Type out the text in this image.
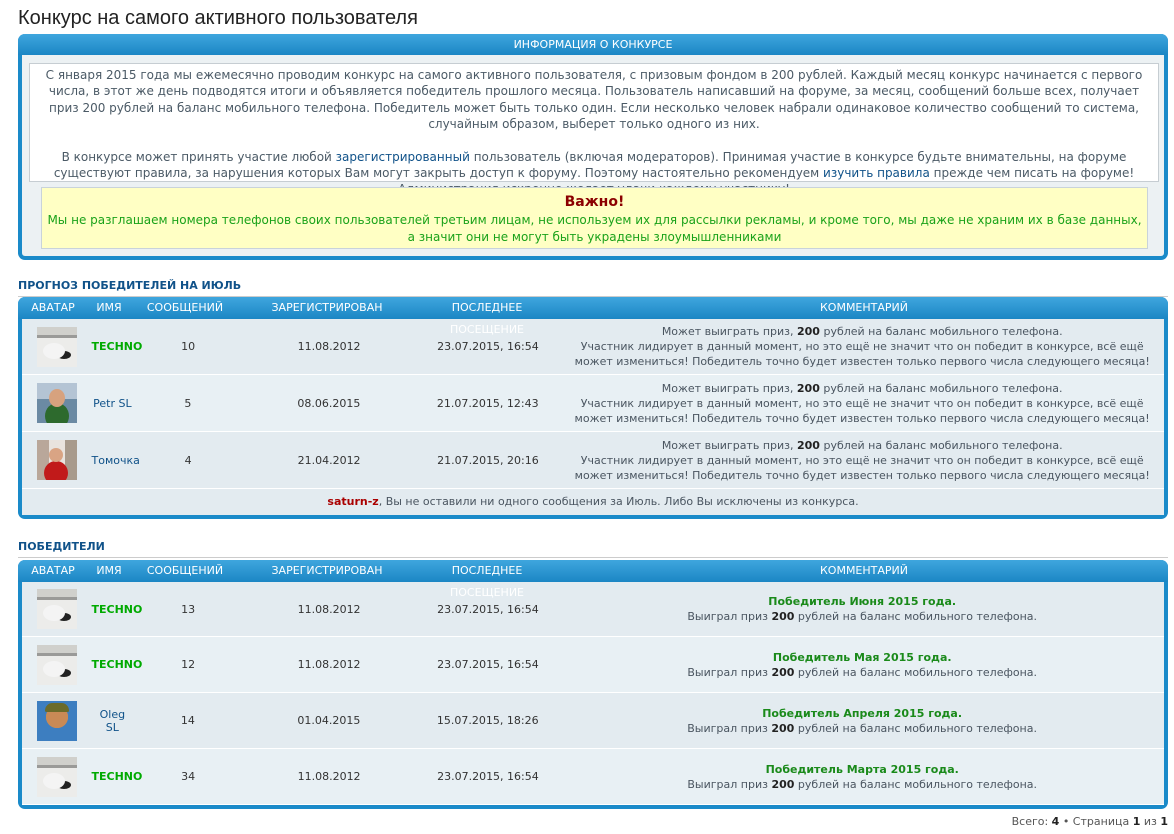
Конкурс на самого активного пользователя
ИНФОРМАЦИЯ О КОНКУРСЕ

С января 2015 года мы ежемесячно проводим конкурс на самого активного пользователя, с призовым фондом в 200 рублей. Каждый месяц конкурс начинается с первого числа, в этот же день подводятся итоги и объявляется победитель прошлого месяца. Пользователь написавший на форуме, за месяц, сообщений больше всех, получает приз 200 рублей на баланс мобильного телефона. Победитель может быть только один. Если несколько человек набрали одинаковое количество сообщений то система, случайным образом, выберет только одного из них.

В конкурсе может принять участие любой зарегистрированный пользователь (включая модераторов). Принимая участие в конкурсе будьте внимательны, на форуме существуют правила, за нарушения которых Вам могут закрыть доступ к форуму. Поэтому настоятельно рекомендуем изучить правила прежде чем писать на форуме!

Важно!
Мы не разглашаем номера телефонов своих пользователей третьим лицам, не используем их для рассылки рекламы, и кроме того, мы даже не храним их в базе данных, а значит они не могут быть украдены злоумышленниками
ПРОГНОЗ ПОБЕДИТЕЛЕЙ НА ИЮЛЬ
АВАТАР	ИМЯ	СООБЩЕНИЙ	ЗАРЕГИСТРИРОВАН	ПОСЛЕДНЕЕ ПОСЕЩЕНИЕ
КОММЕНТАРИЙ
TECHNO	10	11.08.2012	23.07.2015, 16:54
Может выиграть приз, 200 рублей на баланс мобильного телефона.
Участник лидирует в данный момент, но это ещё не значит что он победит в конкурсе, всё ещё может измениться! Победитель точно будет известен только первого числа следующего месяца!
Petr SL	5	08.06.2015	21.07.2015, 12:43
Может выиграть приз, 200 рублей на баланс мобильного телефона.
Участник лидирует в данный момент, но это ещё не значит что он победит в конкурсе, всё ещё может измениться! Победитель точно будет известен только первого числа следующего месяца!
Томочка	4	21.04.2012	21.07.2015, 20:16
Может выиграть приз, 200 рублей на баланс мобильного телефона.
Участник лидирует в данный момент, но это ещё не значит что он победит в конкурсе, всё ещё может измениться! Победитель точно будет известен только первого числа следующего месяца!
saturn-z, Вы не оставили ни одного сообщения за Июль. Либо Вы исключены из конкурса.
ПОБЕДИТЕЛИ
АВАТАР	ИМЯ	СООБЩЕНИЙ	ЗАРЕГИСТРИРОВАН	ПОСЛЕДНЕЕ ПОСЕЩЕНИЕ
КОММЕНТАРИЙ
TECHNO	13	11.08.2012	23.07.2015, 16:54
Победитель Июня 2015 года.
Выиграл приз 200 рублей на баланс мобильного телефона.
TECHNO	12	11.08.2012	23.07.2015, 16:54
Победитель Мая 2015 года.
Выиграл приз 200 рублей на баланс мобильного телефона.
Oleg SL	14	01.04.2015	15.07.2015, 18:26
Победитель Апреля 2015 года.
Выиграл приз 200 рублей на баланс мобильного телефона.
TECHNO	34	11.08.2012	23.07.2015, 16:54
Победитель Марта 2015 года.
Выиграл приз 200 рублей на баланс мобильного телефона.
Всего: 4 • Страница 1 из 1
